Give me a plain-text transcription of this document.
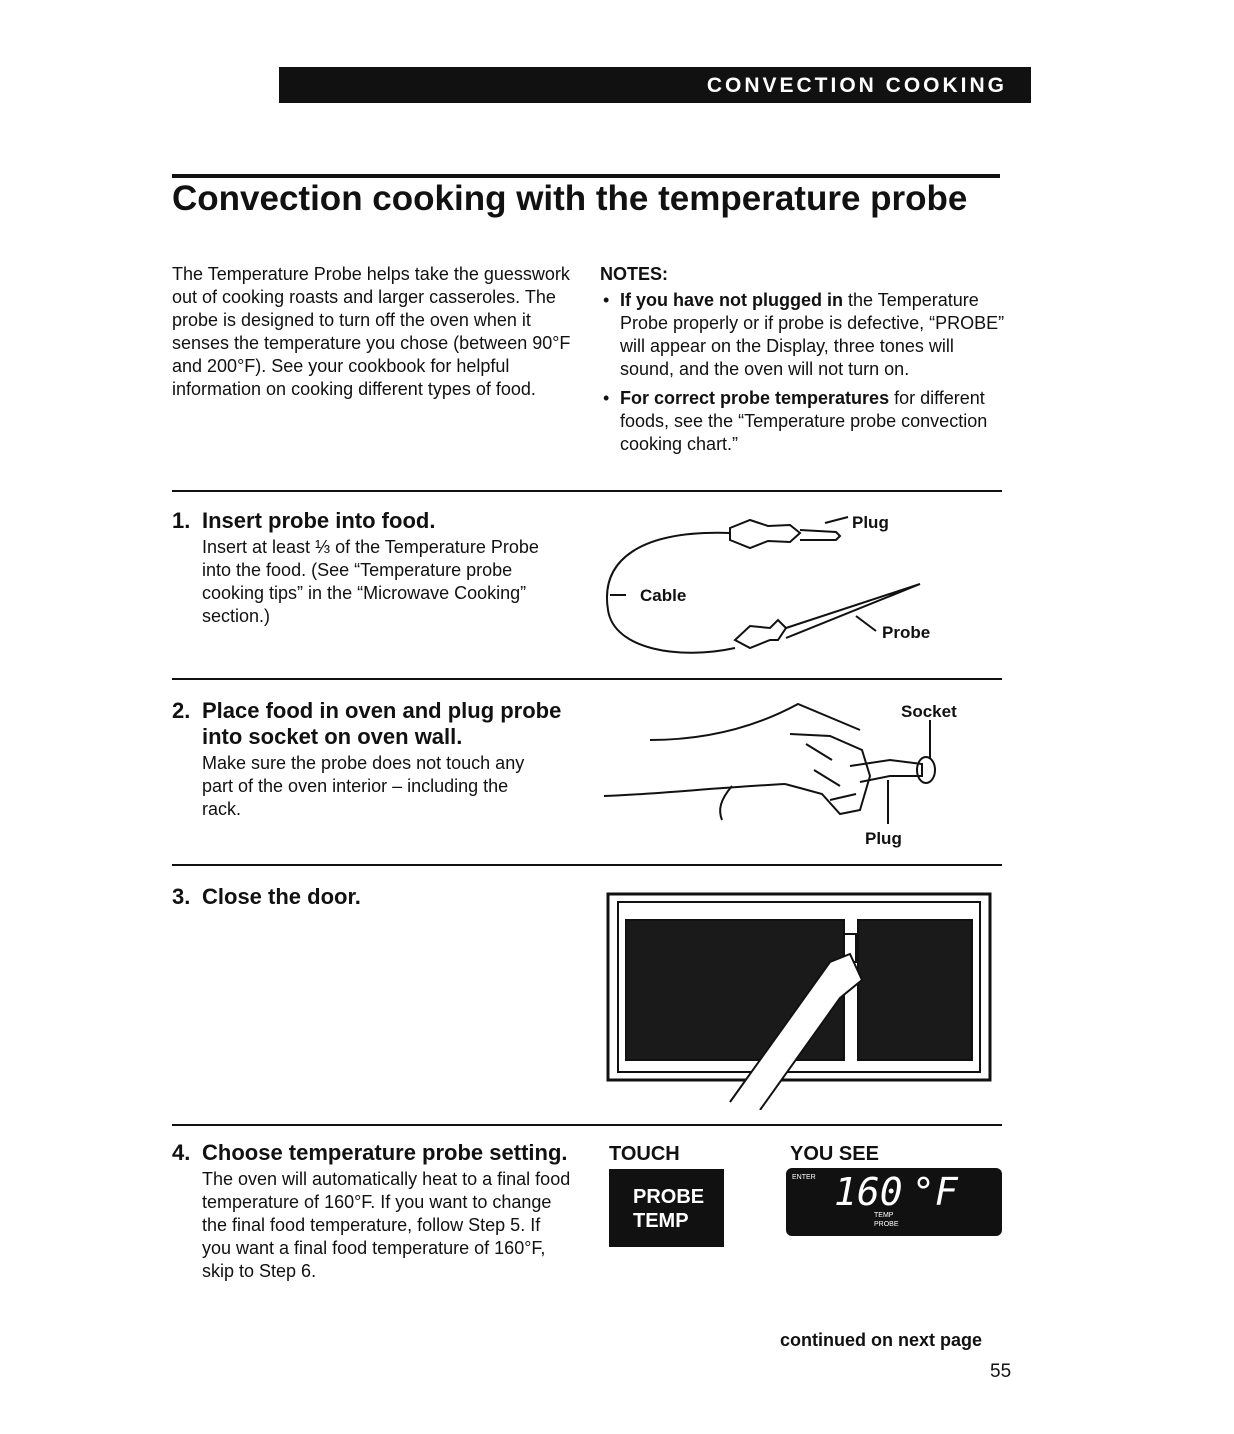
CONVECTION COOKING
Convection cooking with the temperature probe
The Temperature Probe helps take the guesswork out of cooking roasts and larger casseroles. The probe is designed to turn off the oven when it senses the temperature you chose (between 90°F and 200°F). See your cookbook for helpful information on cooking different types of food.
NOTES:
• If you have not plugged in the Temperature Probe properly or if probe is defective, “PROBE” will appear on the Display, three tones will sound, and the oven will not turn on.
• For correct probe temperatures for different foods, see the “Temperature probe convection cooking chart.”
1. Insert probe into food.
Insert at least ⅓ of the Temperature Probe into the food. (See “Temperature probe cooking tips” in the “Microwave Cooking” section.)
Plug
Cable
Probe
2. Place food in oven and plug probe into socket on oven wall.
Make sure the probe does not touch any part of the oven interior – including the rack.
Socket
Plug
3. Close the door.
4. Choose temperature probe setting.
The oven will automatically heat to a final food temperature of 160°F. If you want to change the final food temperature, follow Step 5. If you want a final food temperature of 160°F, skip to Step 6.
TOUCH
PROBE
TEMP
YOU SEE
ENTER 160 °F
TEMP
PROBE
continued on next page
55
